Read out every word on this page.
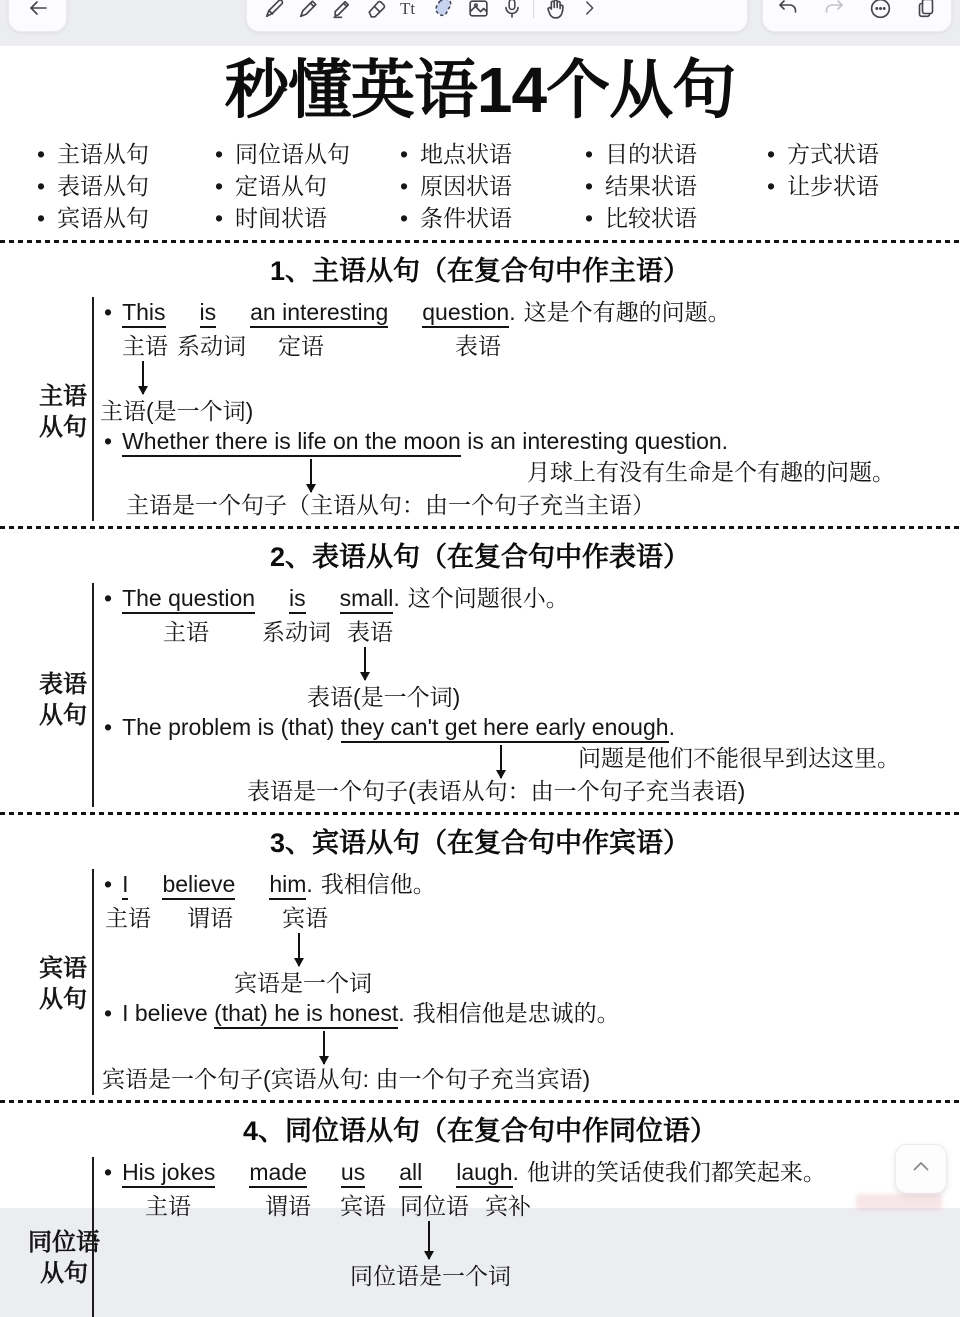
Tt
秒懂英语14个从句
• 主语从句
• 表语从句
• 宾语从句
• 同位语从句
• 定语从句
• 时间状语
• 地点状语
• 原因状语
• 条件状语
• 目的状语
• 结果状语
• 比较状语
• 方式状语
• 让步状语
1、主语从句（在复合句中作主语）
主语
从句
• This is an interesting question. 这是个有趣的问题。
主语 系动词 定语	表语
主语(是一个词)
• Whether there is life on the moon is an interesting question.
月球上有没有生命是个有趣的问题。
主语是一个句子（主语从句：由一个句子充当主语）
2、表语从句（在复合句中作表语）
表语
从句
• The question is small. 这个问题很小。
主语 系动词 表语
表语(是一个词)
• The problem is (that) they can't get here early enough.
问题是他们不能很早到达这里。
表语是一个句子(表语从句：由一个句子充当表语)
3、宾语从句（在复合句中作宾语）
宾语
从句
• I believe him. 我相信他。
主语 谓语 宾语
宾语是一个词
• I believe (that) he is honest. 我相信他是忠诚的。
宾语是一个句子(宾语从句: 由一个句子充当宾语)
4、同位语从句（在复合句中作同位语）
同位语
从句
• His jokes made us all laugh. 他讲的笑话使我们都笑起来。
主语	谓语 宾语 同位语 宾补
同位语是一个词
